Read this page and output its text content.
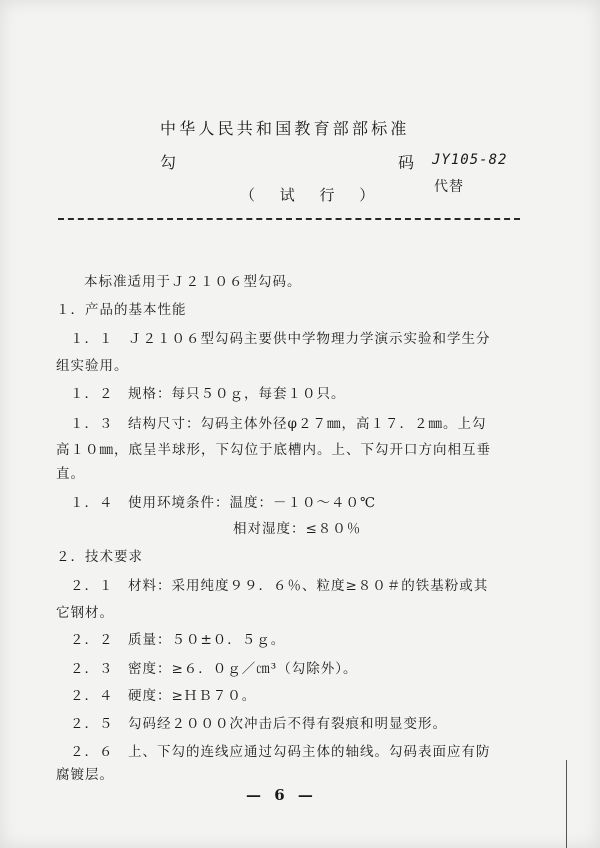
中华人民共和国教育部部标准
勾	码 JY105-82
代替
（ 试 行 ）
本标准适用于Ｊ２１０６型勾码。
１．产品的基本性能
１．１　Ｊ２１０６型勾码主要供中学物理力学演示实验和学生分
组实验用。
１．２　规格：每只５０ｇ，每套１０只。
１．３　结构尺寸：勾码主体外径φ２７㎜，高１７．２㎜。上勾
高１０㎜，底呈半球形，下勾位于底槽内。上、下勾开口方向相互垂
直。
１．４　使用环境条件：温度：－１０～４０℃
相对湿度：≤８０％
２．技术要求
２．１　材料：采用纯度９９．６％、粒度≥８０＃的铁基粉或其
它钢材。
２．２　质量：５０±０．５ｇ。
２．３　密度：≥６．０ｇ／㎝³（勾除外）。
２．４　硬度：≥ＨＢ７０。
２．５　勾码经２０００次冲击后不得有裂痕和明显变形。
２．６　上、下勾的连线应通过勾码主体的轴线。勾码表面应有防
腐镀层。
— 6 —
